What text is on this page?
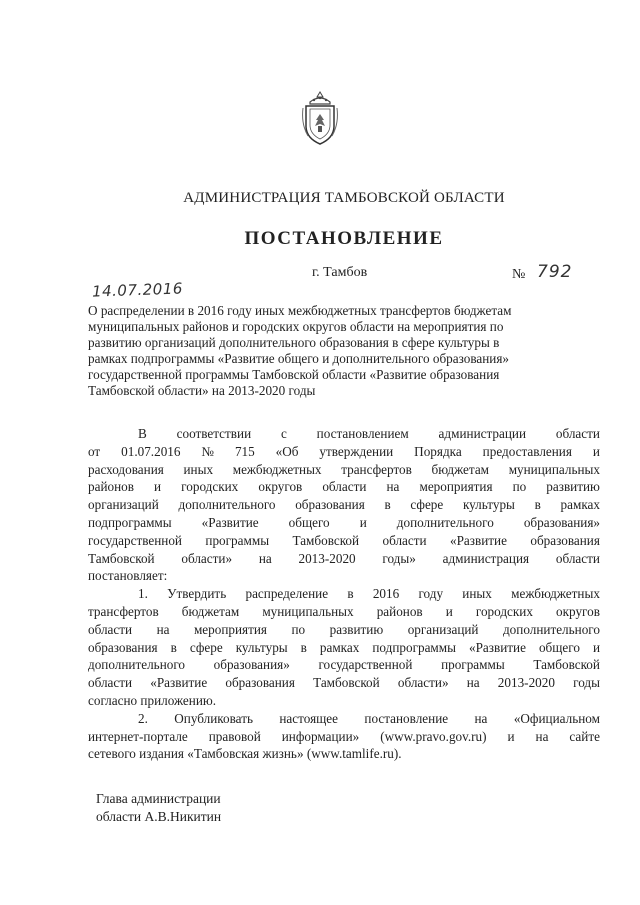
АДМИНИСТРАЦИЯ ТАМБОВСКОЙ ОБЛАСТИ
ПОСТАНОВЛЕНИЕ
г. Тамбов	№ 792
14.07.2016
О распределении в 2016 году иных межбюджетных трансфертов бюджетам
муниципальных районов и городских округов области на мероприятия по
развитию организаций дополнительного образования в сфере культуры в
рамках подпрограммы «Развитие общего и дополнительного образования»
государственной программы Тамбовской области «Развитие образования
Тамбовской области» на 2013-2020 годы
В соответствии с постановлением администрации области
от 01.07.2016 № 715 «Об утверждении Порядка предоставления и
расходования иных межбюджетных трансфертов бюджетам муниципальных
районов и городских округов области на мероприятия по развитию
организаций дополнительного образования в сфере культуры в рамках
подпрограммы «Развитие общего и дополнительного образования»
государственной программы Тамбовской области «Развитие образования
Тамбовской области» на 2013-2020 годы» администрация области
постановляет:
1. Утвердить распределение в 2016 году иных межбюджетных
трансфертов бюджетам муниципальных районов и городских округов
области на мероприятия по развитию организаций дополнительного
образования в сфере культуры в рамках подпрограммы «Развитие общего и
дополнительного образования» государственной программы Тамбовской
области «Развитие образования Тамбовской области» на 2013-2020 годы
согласно приложению.
2. Опубликовать настоящее постановление на «Официальном
интернет-портале правовой информации» (www.pravo.gov.ru) и на сайте
сетевого издания «Тамбовская жизнь» (www.tamlife.ru).
Глава администрации
области А.В.Никитин
